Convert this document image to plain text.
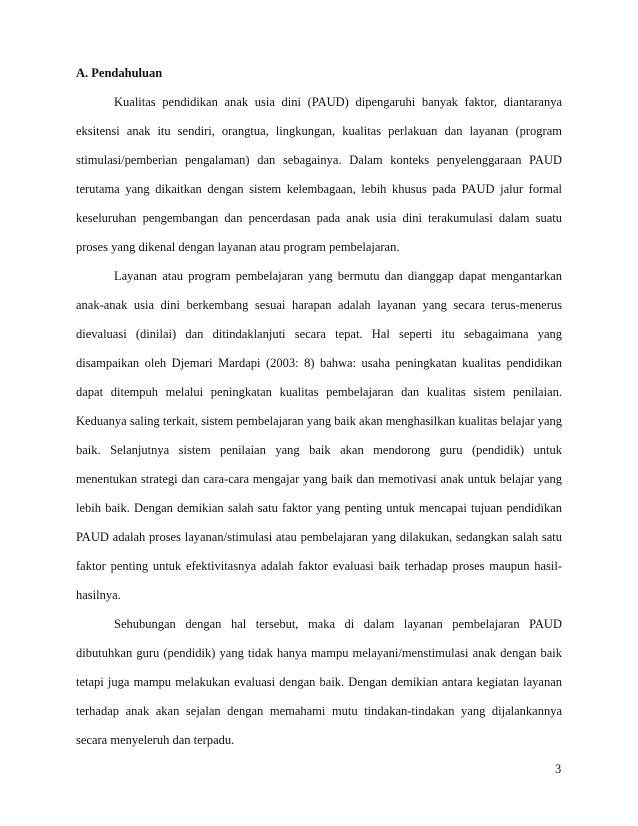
A. Pendahuluan

Kualitas pendidikan anak usia dini (PAUD) dipengaruhi banyak faktor, diantaranya eksitensi anak itu sendiri, orangtua, lingkungan, kualitas perlakuan dan layanan (program stimulasi/pemberian pengalaman) dan sebagainya. Dalam konteks penyelenggaraan PAUD terutama yang dikaitkan dengan sistem kelembagaan, lebih khusus pada PAUD jalur formal keseluruhan pengembangan dan pencerdasan pada anak usia dini terakumulasi dalam suatu proses yang dikenal dengan layanan atau program pembelajaran.

Layanan atau program pembelajaran yang bermutu dan dianggap dapat mengantarkan anak-anak usia dini berkembang sesuai harapan adalah layanan yang secara terus-menerus dievaluasi (dinilai) dan ditindaklanjuti secara tepat. Hal seperti itu sebagaimana yang disampaikan oleh Djemari Mardapi (2003: 8) bahwa: usaha peningkatan kualitas pendidikan dapat ditempuh melalui peningkatan kualitas pembelajaran dan kualitas sistem penilaian. Keduanya saling terkait, sistem pembelajaran yang baik akan menghasilkan kualitas belajar yang baik. Selanjutnya sistem penilaian yang baik akan mendorong guru (pendidik) untuk menentukan strategi dan cara-cara mengajar yang baik dan memotivasi anak untuk belajar yang lebih baik. Dengan demikian salah satu faktor yang penting untuk mencapai tujuan pendidikan PAUD adalah proses layanan/stimulasi atau pembelajaran yang dilakukan, sedangkan salah satu faktor penting untuk efektivitasnya adalah faktor evaluasi baik terhadap proses maupun hasil-hasilnya.

Sehubungan dengan hal tersebut, maka di dalam layanan pembelajaran PAUD dibutuhkan guru (pendidik) yang tidak hanya mampu melayani/menstimulasi anak dengan baik tetapi juga mampu melakukan evaluasi dengan baik. Dengan demikian antara kegiatan layanan terhadap anak akan sejalan dengan memahami mutu tindakan-tindakan yang dijalankannya secara menyeleruh dan terpadu.

3
